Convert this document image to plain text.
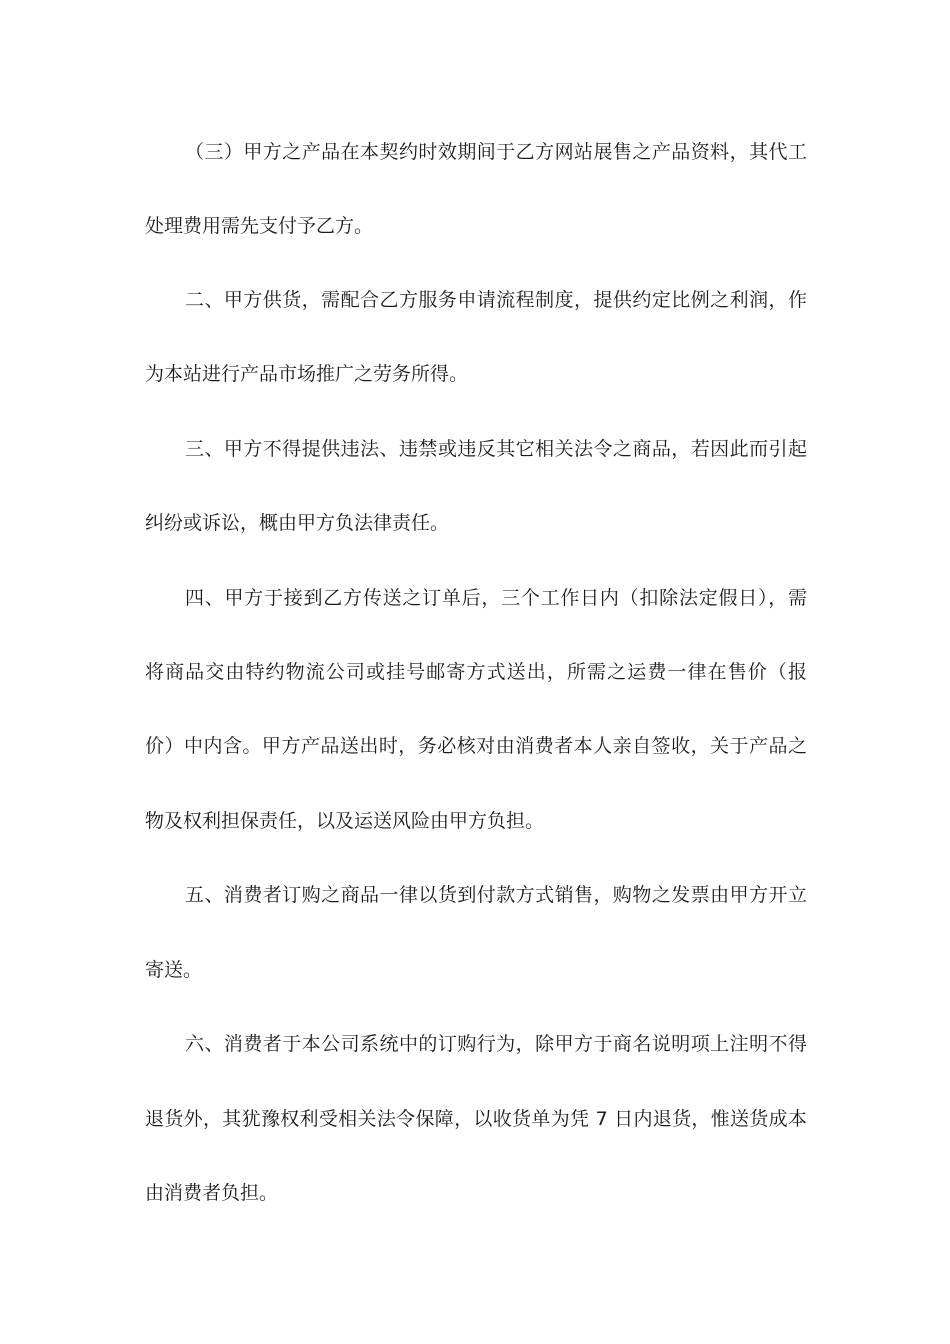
（三）甲方之产品在本契约时效期间于乙方网站展售之产品资料，其代工
处理费用需先支付予乙方。
二、甲方供货，需配合乙方服务申请流程制度，提供约定比例之利润，作
为本站进行产品市场推广之劳务所得。
三、甲方不得提供违法、违禁或违反其它相关法令之商品，若因此而引起
纠纷或诉讼，概由甲方负法律责任。
四、甲方于接到乙方传送之订单后，三个工作日内（扣除法定假日），需
将商品交由特约物流公司或挂号邮寄方式送出，所需之运费一律在售价（报
价）中内含。甲方产品送出时，务必核对由消费者本人亲自签收，关于产品之
物及权利担保责任，以及运送风险由甲方负担。
五、消费者订购之商品一律以货到付款方式销售，购物之发票由甲方开立
寄送。
六、消费者于本公司系统中的订购行为，除甲方于商名说明项上注明不得
退货外，其犹豫权利受相关法令保障，以收货单为凭 7 日内退货，惟送货成本
由消费者负担。
